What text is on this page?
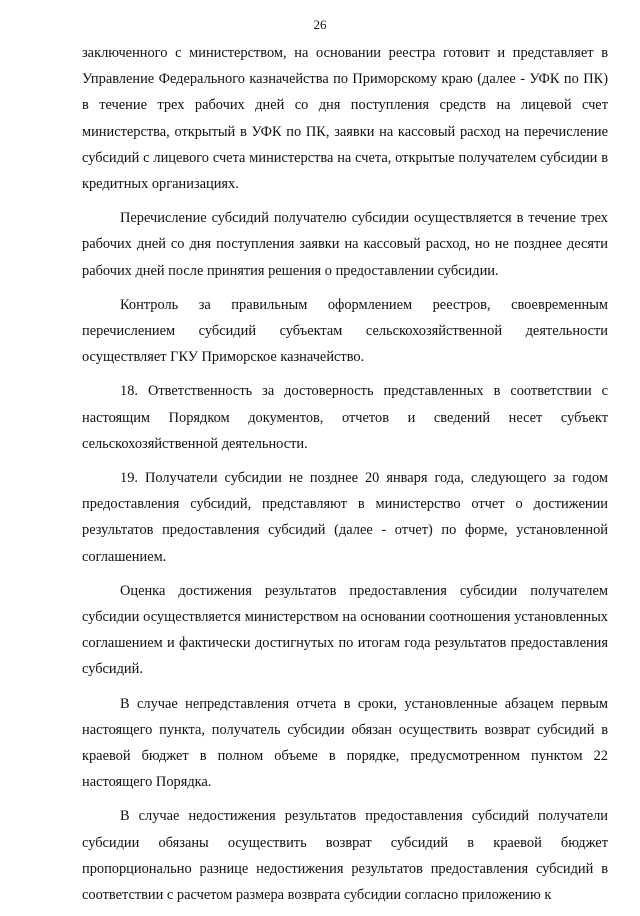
26

заключенного с министерством, на основании реестра готовит и представляет в Управление Федерального казначейства по Приморскому краю (далее - УФК по ПК) в течение трех рабочих дней со дня поступления средств на лицевой счет министерства, открытый в УФК по ПК, заявки на кассовый расход на перечисление субсидий с лицевого счета министерства на счета, открытые получателем субсидии в кредитных организациях.

Перечисление субсидий получателю субсидии осуществляется в течение трех рабочих дней со дня поступления заявки на кассовый расход, но не позднее десяти рабочих дней после принятия решения о предоставлении субсидии.

Контроль за правильным оформлением реестров, своевременным перечислением субсидий субъектам сельскохозяйственной деятельности осуществляет ГКУ Приморское казначейство.

18. Ответственность за достоверность представленных в соответствии с настоящим Порядком документов, отчетов и сведений несет субъект сельскохозяйственной деятельности.

19. Получатели субсидии не позднее 20 января года, следующего за годом предоставления субсидий, представляют в министерство отчет о достижении результатов предоставления субсидий (далее - отчет) по форме, установленной соглашением.

Оценка достижения результатов предоставления субсидии получателем субсидии осуществляется министерством на основании соотношения установленных соглашением и фактически достигнутых по итогам года результатов предоставления субсидий.

В случае непредставления отчета в сроки, установленные абзацем первым настоящего пункта, получатель субсидии обязан осуществить возврат субсидий в краевой бюджет в полном объеме в порядке, предусмотренном пунктом 22 настоящего Порядка.

В случае недостижения результатов предоставления субсидий получатели субсидии обязаны осуществить возврат субсидий в краевой бюджет пропорционально разнице недостижения результатов предоставления субсидий в соответствии с расчетом размера возврата субсидии согласно приложению к
